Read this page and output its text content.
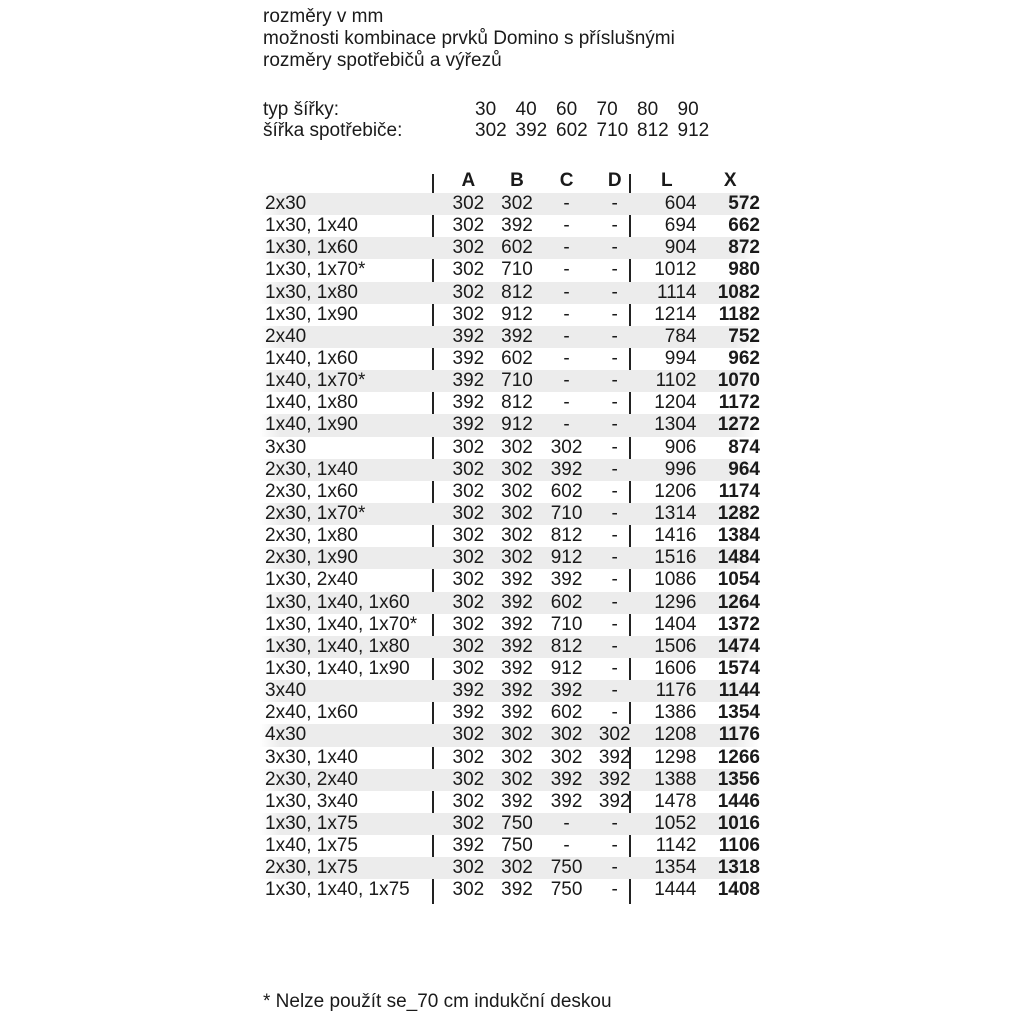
rozměry v mm
možnosti kombinace prvků Domino s příslušnými
rozměry spotřebičů a výřezů
typ šířky:	30	40	60	70	80	90
šířka spotřebiče:	302 392 602 710 812 912
A	B	C	D	L	X
2x30	302 302	-	-	604	572
1x30, 1x40	302 392	-	-	694	662
1x30, 1x60	302 602	-	-	904	872
1x30, 1x70*	302 710	-	-	1012	980
1x30, 1x80	302 812	-	-	1114	1082
1x30, 1x90	302 912	-	-	1214	1182
2x40	392 392	-	-	784	752
1x40, 1x60	392 602	-	-	994	962
1x40, 1x70*	392 710	-	-	1102	1070
1x40, 1x80	392 812	-	-	1204	1172
1x40, 1x90	392 912	-	-	1304	1272
3x30	302 302 302	-	906	874
2x30, 1x40	302 302 392	-	996	964
2x30, 1x60	302 302 602	-	1206	1174
2x30, 1x70*	302 302 710	-	1314	1282
2x30, 1x80	302 302 812	-	1416	1384
2x30, 1x90	302 302 912	-	1516	1484
1x30, 2x40	302 392 392	-	1086	1054
1x30, 1x40, 1x60	302 392 602	-	1296	1264
1x30, 1x40, 1x70*	302 392 710	-	1404	1372
1x30, 1x40, 1x80	302 392 812	-	1506	1474
1x30, 1x40, 1x90	302 392 912	-	1606	1574
3x40	392 392 392	-	1176	1144
2x40, 1x60	392 392 602	-	1386	1354
4x30	302 302 302 302	1208	1176
3x30, 1x40	302 302 302 392	1298	1266
2x30, 2x40	302 302 392 392	1388	1356
1x30, 3x40	302 392 392 392	1478	1446
1x30, 1x75	302 750	-	-	1052	1016
1x40, 1x75	392 750	-	-	1142	1106
2x30, 1x75	302 302 750	-	1354	1318
1x30, 1x40, 1x75	302 392 750	-	1444	1408
* Nelze použít se_70 cm indukční deskou
